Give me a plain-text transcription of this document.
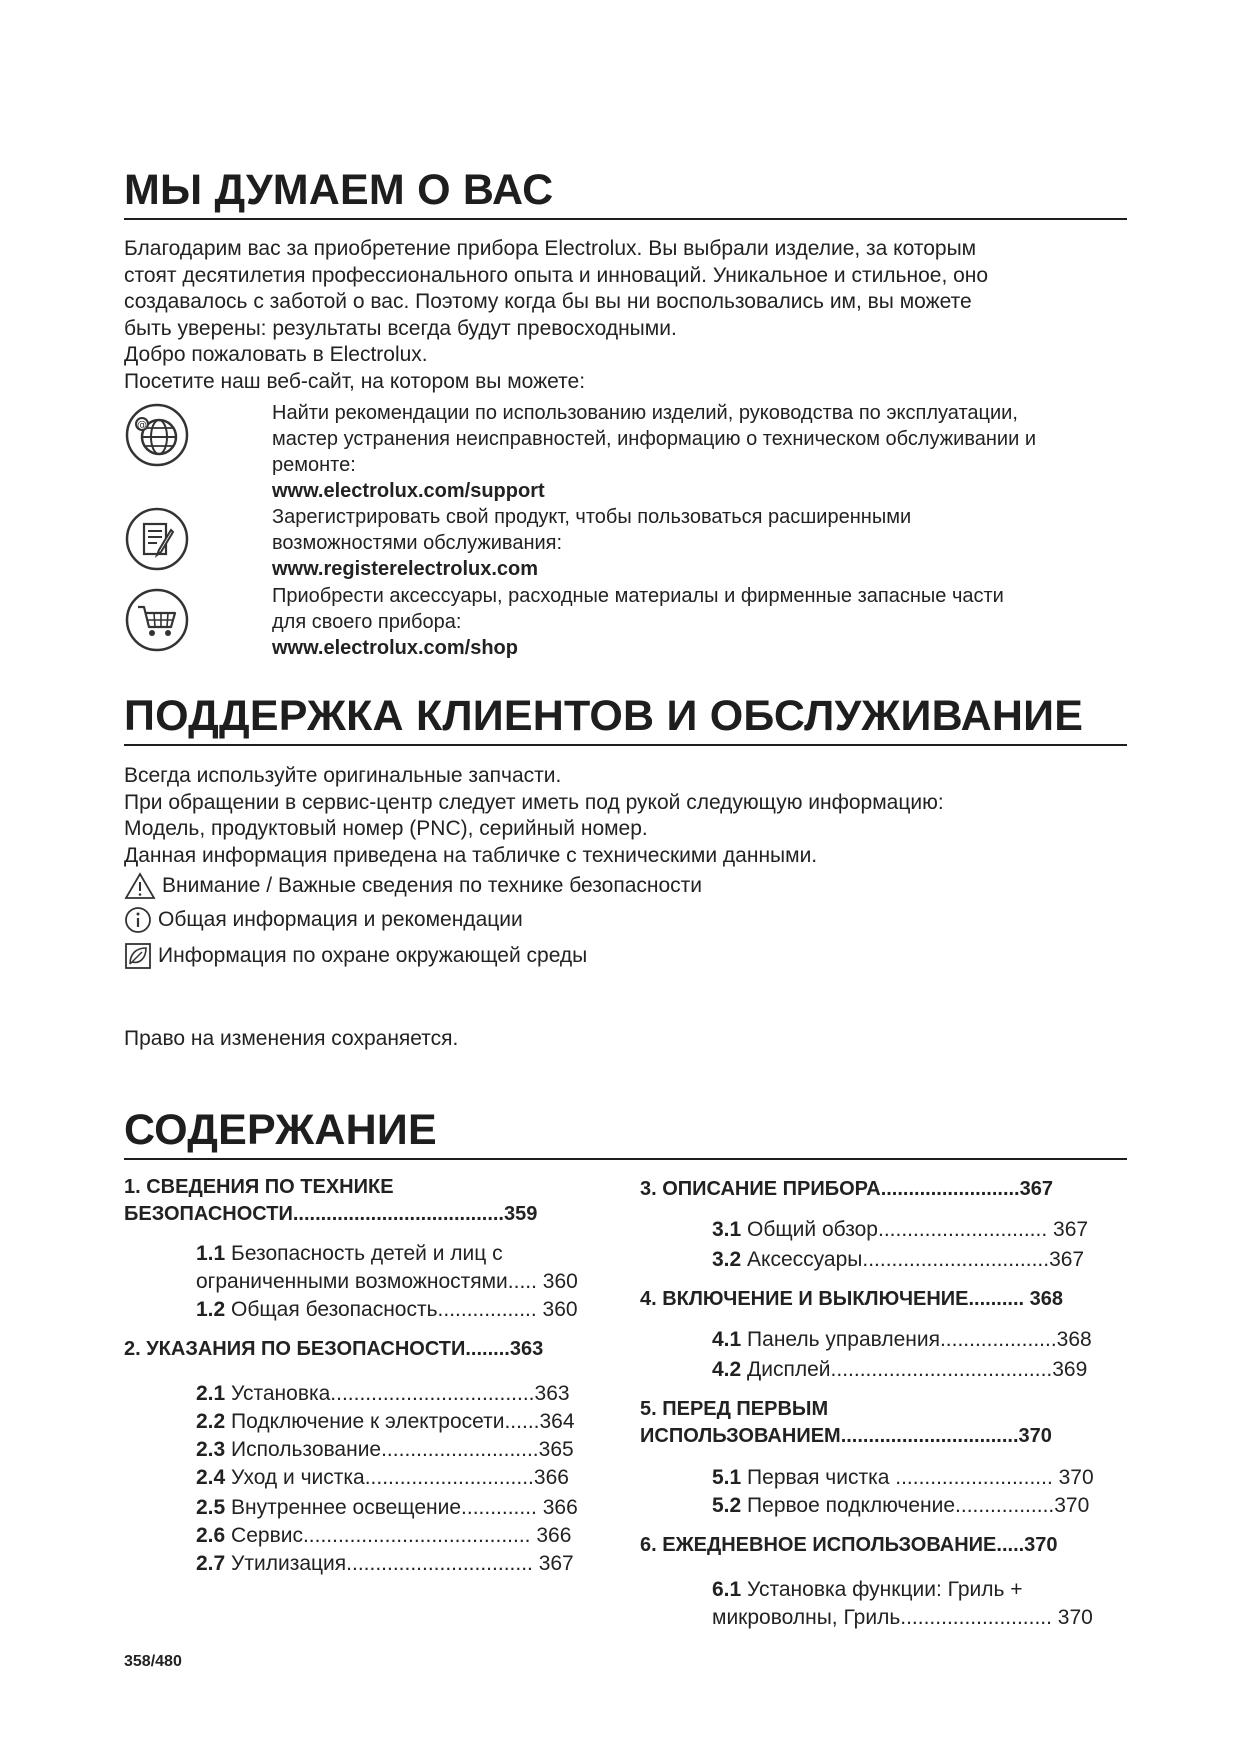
МЫ ДУМАЕМ О ВАС
Благодарим вас за приобретение прибора Electrolux. Вы выбрали изделие, за которым
стоят десятилетия профессионального опыта и инноваций. Уникальное и стильное, оно
создавалось с заботой о вас. Поэтому когда бы вы ни воспользовались им, вы можете
быть уверены: результаты всегда будут превосходными.
Добро пожаловать в Electrolux.
Посетите наш веб-сайт, на котором вы можете:
@
Найти рекомендации по использованию изделий, руководства по эксплуатации,
мастер устранения неисправностей, информацию о техническом обслуживании и
ремонте:
www.electrolux.com/support
Зарегистрировать свой продукт, чтобы пользоваться расширенными
возможностями обслуживания:
www.registerelectrolux.com
Приобрести аксессуары, расходные материалы и фирменные запасные части
для своего прибора:
www.electrolux.com/shop
ПОДДЕРЖКА КЛИЕНТОВ И ОБСЛУЖИВАНИЕ
Всегда используйте оригинальные запчасти.
При обращении в сервис-центр следует иметь под рукой следующую информацию:
Модель, продуктовый номер (PNC), серийный номер.
Данная информация приведена на табличке с техническими данными.
Внимание / Важные сведения по технике безопасности
Общая информация и рекомендации
Информация по охране окружающей среды
Право на изменения сохраняется.
СОДЕРЖАНИЕ
1. СВЕДЕНИЯ ПО ТЕХНИКЕ
БЕЗОПАСНОСТИ......................................359
1.1 Безопасность детей и лиц с
ограниченными возможностями..... 360
1.2 Общая безопасность................. 360
2. УКАЗАНИЯ ПО БЕЗОПАСНОСТИ........363
2.1 Установка...................................363
2.2 Подключение к электросети......364
2.3 Использование...........................365
2.4 Уход и чистка.............................366
2.5 Внутреннее освещение............. 366
2.6 Сервис....................................... 366
2.7 Утилизация................................ 367
3. ОПИСАНИЕ ПРИБОРА.........................367
3.1 Общий обзор............................. 367
3.2 Аксессуары................................367
4. ВКЛЮЧЕНИЕ И ВЫКЛЮЧЕНИЕ.......... 368
4.1 Панель управления....................368
4.2 Дисплей......................................369
5. ПЕРЕД ПЕРВЫМ
ИСПОЛЬЗОВАНИЕМ................................370
5.1 Первая чистка ........................... 370
5.2 Первое подключение.................370
6. ЕЖЕДНЕВНОЕ ИСПОЛЬЗОВАНИЕ.....370
6.1 Установка функции: Гриль +
микроволны, Гриль.......................... 370
358/480
